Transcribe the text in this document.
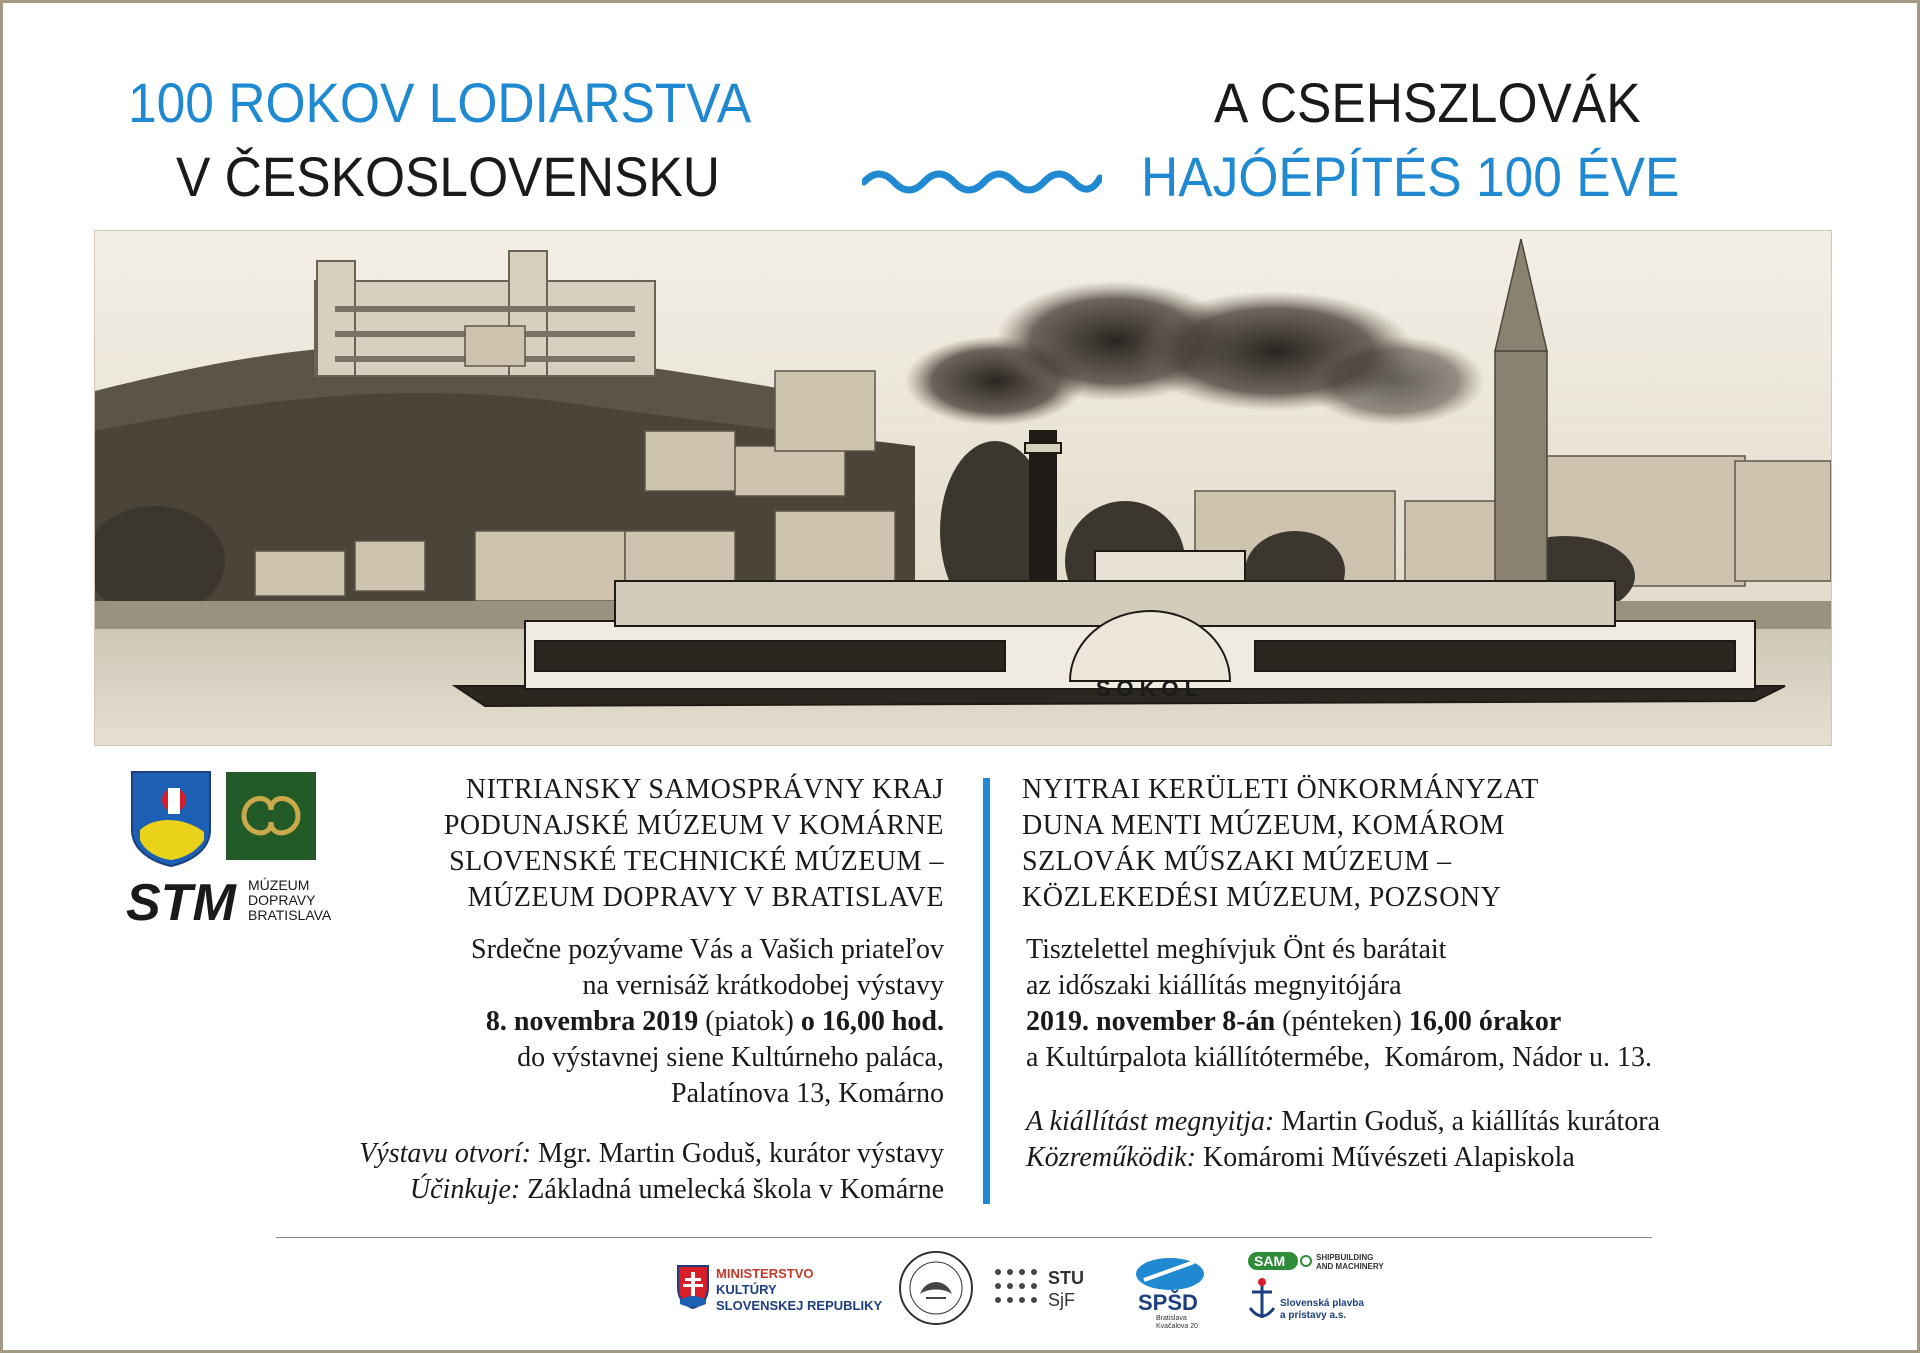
100 ROKOV LODIARSTVA
V ČESKOSLOVENSKU
A CSEHSZLOVÁK
HAJÓÉPÍTÉS 100 ÉVE
SOKOL
STM MÚZEUM
DOPRAVY
BRATISLAVA
NITRIANSKY SAMOSPRÁVNY KRAJ
PODUNAJSKÉ MÚZEUM V KOMÁRNE
SLOVENSKÉ TECHNICKÉ MÚZEUM –
MÚZEUM DOPRAVY V BRATISLAVE
Srdečne pozývame Vás a Vašich priateľov
na vernisáž krátkodobej výstavy
8. novembra 2019 (piatok) o 16,00 hod.
do výstavnej siene Kultúrneho paláca,
Palatínova 13, Komárno
Výstavu otvorí: Mgr. Martin Goduš, kurátor výstavy
Účinkuje: Základná umelecká škola v Komárne
NYITRAI KERÜLETI ÖNKORMÁNYZAT
DUNA MENTI MÚZEUM, KOMÁROM
SZLOVÁK MŰSZAKI MÚZEUM –
KÖZLEKEDÉSI MÚZEUM, POZSONY
Tisztelettel meghívjuk Önt és barátait
az időszaki kiállítás megnyitójára
2019. november 8-án (pénteken) 16,00 órakor
a Kultúrpalota kiállítótermébe,  Komárom, Nádor u. 13.
A kiállítást megnyitja: Martin Goduš, a kiállítás kurátora
Közreműködik: Komáromi Művészeti Alapiskola
MINISTERSTVO
KULTÚRY
SLOVENSKEJ REPUBLIKY
STU
SjF	SPŠD
Bratislava
Kvačalova 20
SAM	SHIPBUILDING
AND MACHINERY
Slovenská plavba
a prístavy a.s.
